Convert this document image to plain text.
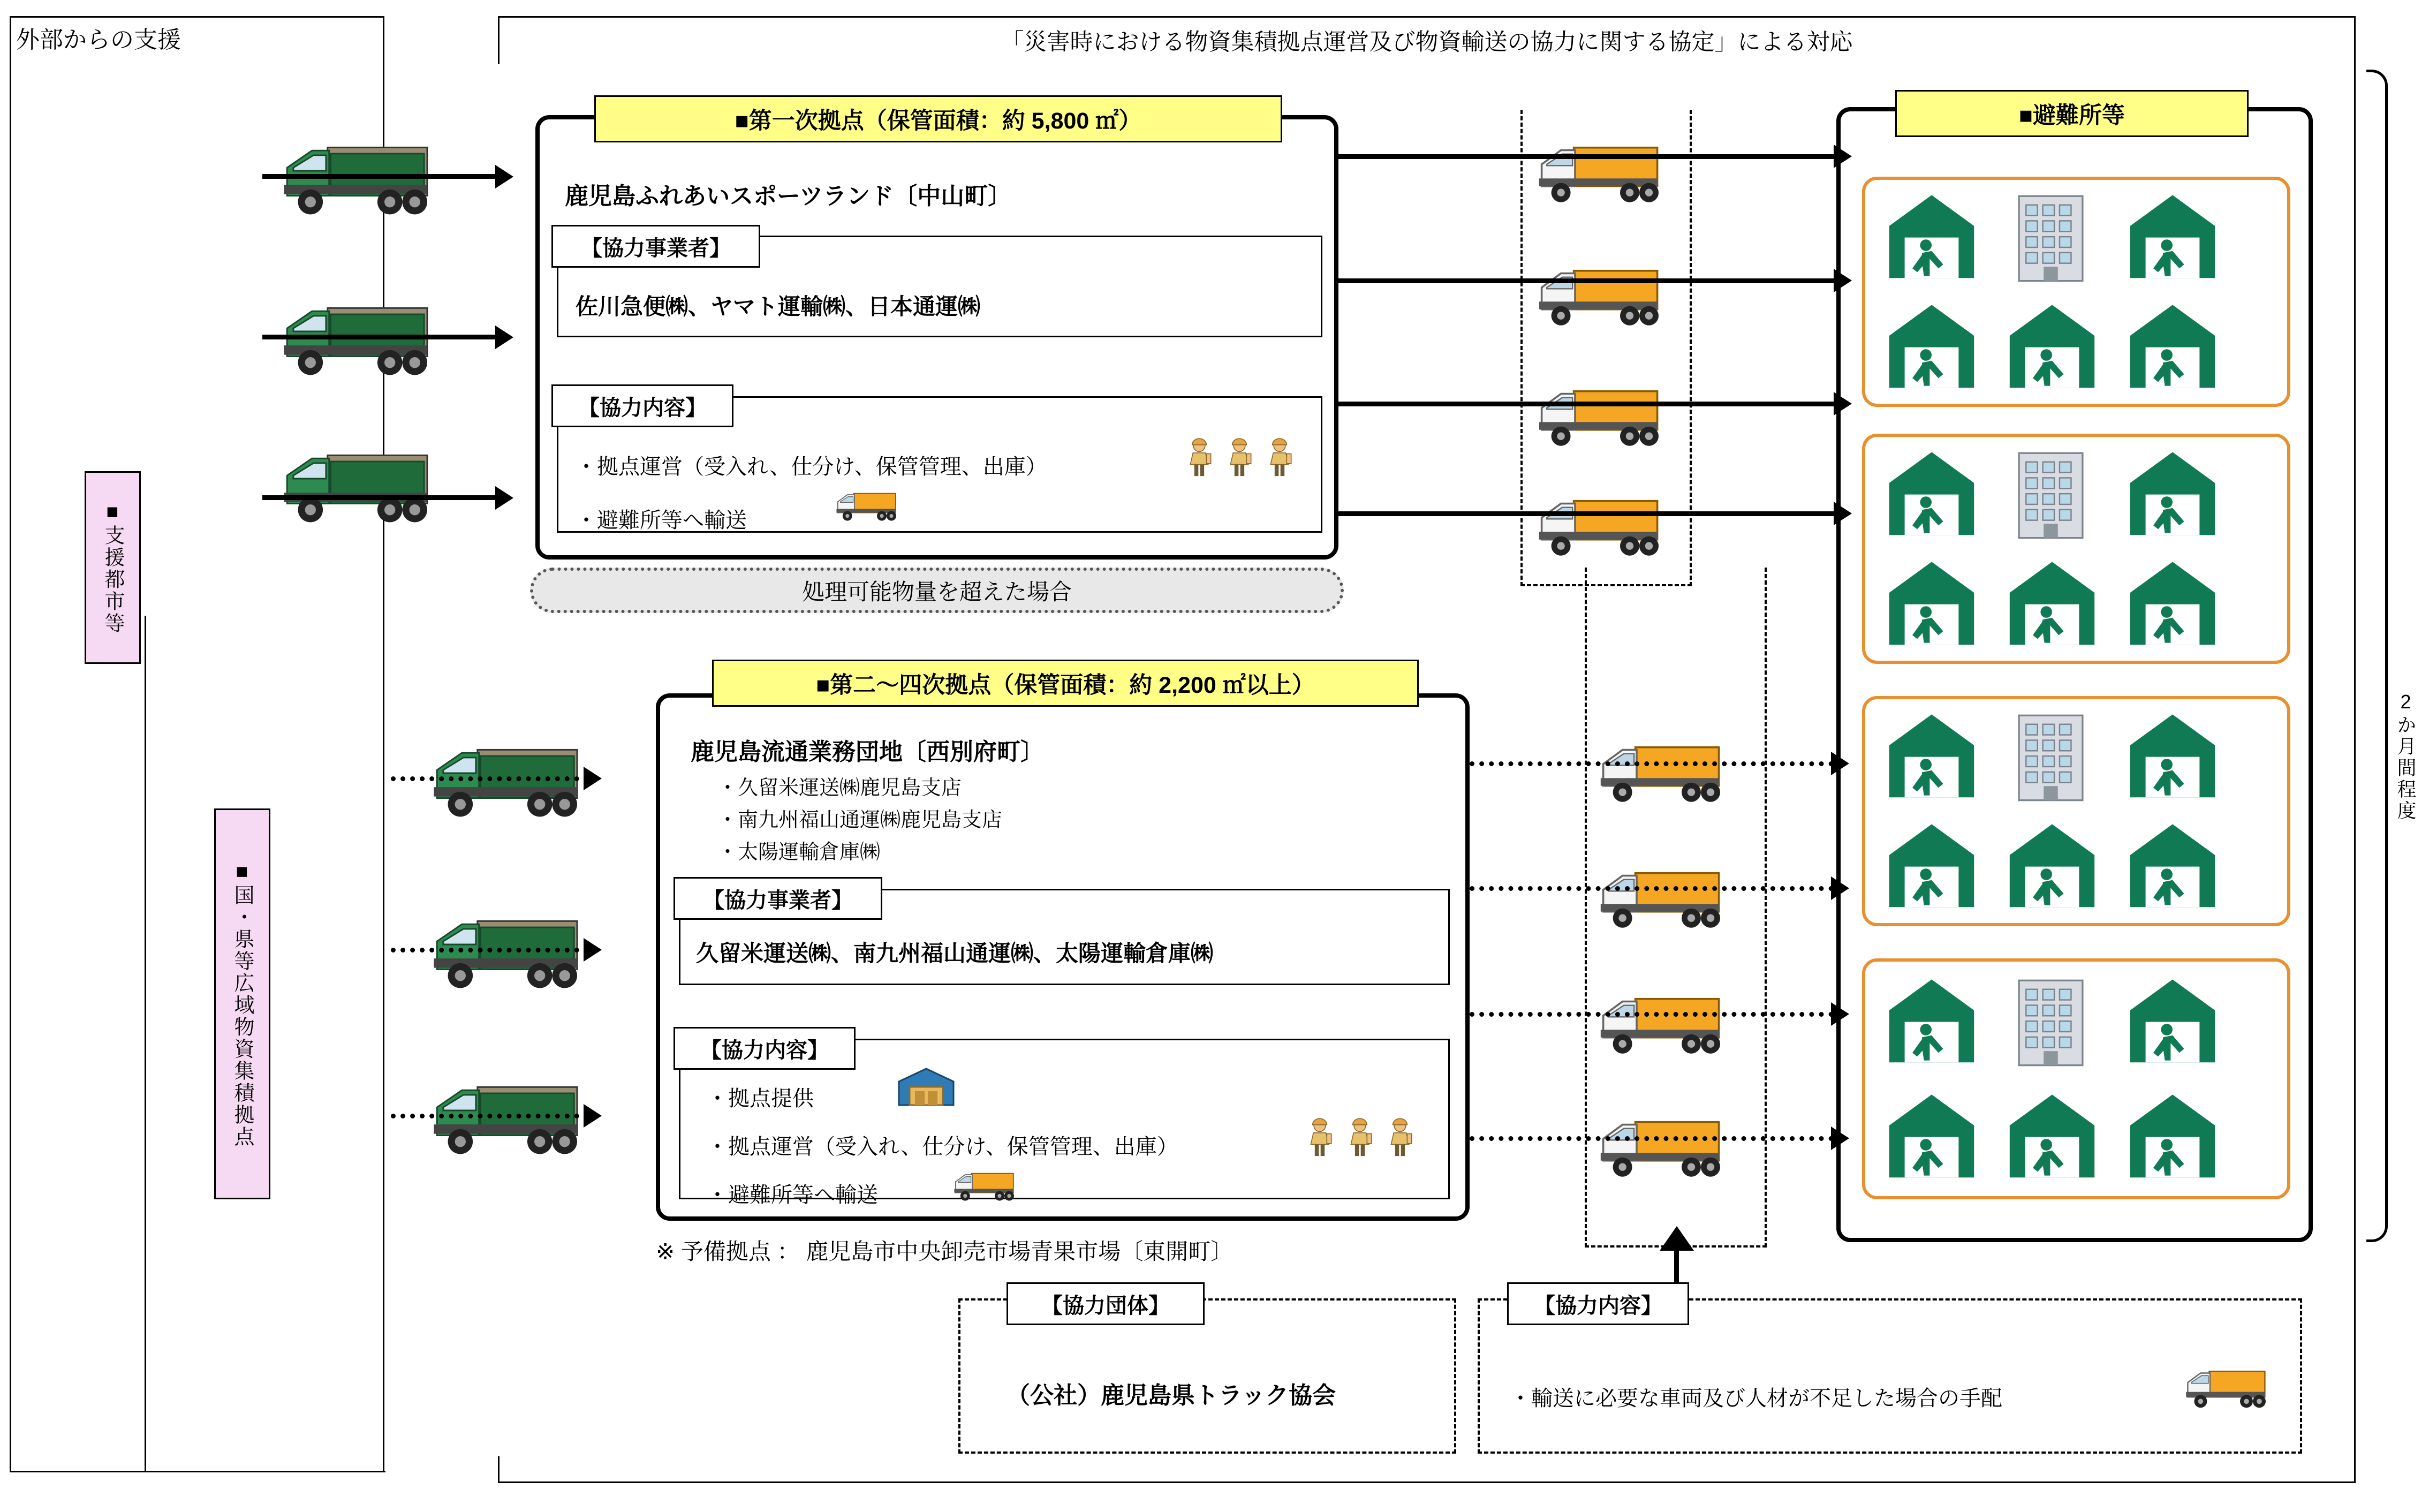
外部からの支援	「災害時における物資集積拠点運営及び物資輸送の協力に関する協定」による対応
2か月間程度
■支援都市等
■国・県等広域物資集積拠点
■第一次拠点（保管面積：約 5,800 ㎡）
鹿児島ふれあいスポーツランド〔中山町〕
【協力事業者】
佐川急便㈱、ヤマト運輸㈱、日本通運㈱
【協力内容】
・拠点運営（受入れ、仕分け、保管管理、出庫）
・避難所等へ輸送
処理可能物量を超えた場合
■第二～四次拠点（保管面積：約 2,200 ㎡以上）
鹿児島流通業務団地〔西別府町〕
・久留米運送㈱鹿児島支店
・南九州福山通運㈱鹿児島支店
・太陽運輸倉庫㈱
【協力事業者】
久留米運送㈱、南九州福山通運㈱、太陽運輸倉庫㈱
【協力内容】
・拠点提供
・拠点運営（受入れ、仕分け、保管管理、出庫）
・避難所等へ輸送
※ 予備拠点 ： 鹿児島市中央卸売市場青果市場〔東開町〕
■避難所等
【協力団体】
（公社）鹿児島県トラック協会
【協力内容】
・輸送に必要な車両及び人材が不足した場合の手配
